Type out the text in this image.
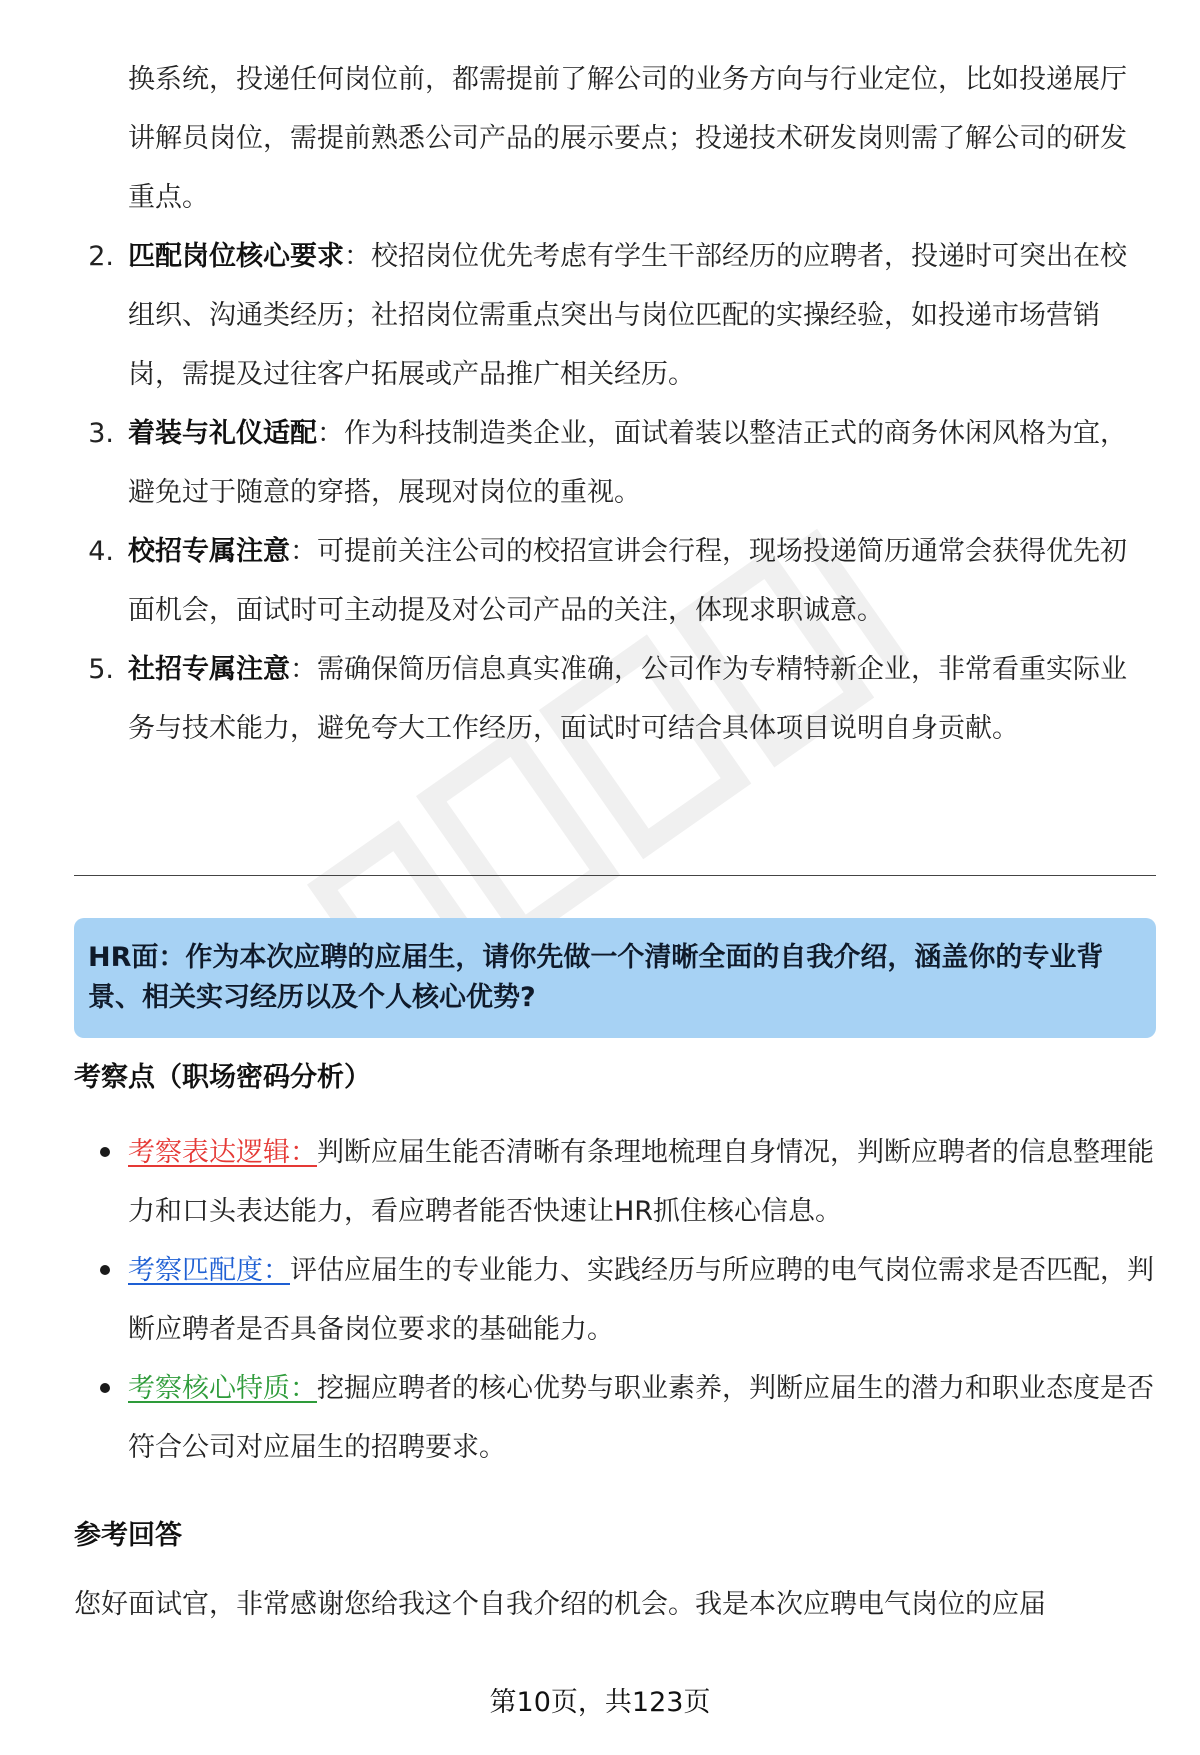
换系统，投递任何岗位前，都需提前了解公司的业务方向与行业定位，比如投递展厅讲解员岗位，需提前熟悉公司产品的展示要点；投递技术研发岗则需了解公司的研发重点。
2. 匹配岗位核心要求：校招岗位优先考虑有学生干部经历的应聘者，投递时可突出在校组织、沟通类经历；社招岗位需重点突出与岗位匹配的实操经验，如投递市场营销岗，需提及过往客户拓展或产品推广相关经历。
3. 着装与礼仪适配：作为科技制造类企业，面试着装以整洁正式的商务休闲风格为宜，避免过于随意的穿搭，展现对岗位的重视。
4. 校招专属注意：可提前关注公司的校招宣讲会行程，现场投递简历通常会获得优先初面机会，面试时可主动提及对公司产品的关注，体现求职诚意。
5. 社招专属注意：需确保简历信息真实准确，公司作为专精特新企业，非常看重实际业务与技术能力，避免夸大工作经历，面试时可结合具体项目说明自身贡献。
HR面：作为本次应聘的应届生，请你先做一个清晰全面的自我介绍，涵盖你的专业背景、相关实习经历以及个人核心优势?
考察点（职场密码分析）
考察表达逻辑：判断应届生能否清晰有条理地梳理自身情况，判断应聘者的信息整理能力和口头表达能力，看应聘者能否快速让HR抓住核心信息。
考察匹配度：评估应届生的专业能力、实践经历与所应聘的电气岗位需求是否匹配，判断应聘者是否具备岗位要求的基础能力。
考察核心特质：挖掘应聘者的核心优势与职业素养，判断应届生的潜力和职业态度是否符合公司对应届生的招聘要求。
参考回答
您好面试官，非常感谢您给我这个自我介绍的机会。我是本次应聘电气岗位的应届
第10页，共123页
